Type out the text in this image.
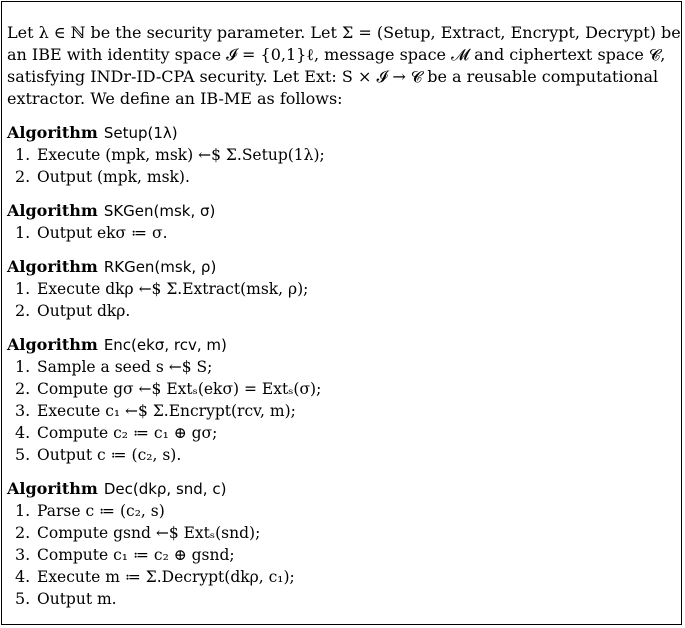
Let λ ∈ ℕ be the security parameter. Let Σ = (Setup, Extract, Encrypt, Decrypt) be
an IBE with identity space 𝓘 = {0,1}ℓ, message space 𝓜 and ciphertext space 𝓒,
satisfying INDr-ID-CPA security. Let Ext: S × 𝓘 → 𝓒 be a reusable computational
extractor. We define an IB-ME as follows:
Algorithm Setup(1λ)
1. Execute (mpk, msk) ←$ Σ.Setup(1λ);
2. Output (mpk, msk).
Algorithm SKGen(msk, σ)
1. Output ekσ ≔ σ.
Algorithm RKGen(msk, ρ)
1. Execute dkρ ←$ Σ.Extract(msk, ρ);
2. Output dkρ.
Algorithm Enc(ekσ, rcv, m)
1. Sample a seed s ←$ S;
2. Compute gσ ←$ Extₛ(ekσ) = Extₛ(σ);
3. Execute c₁ ←$ Σ.Encrypt(rcv, m);
4. Compute c₂ ≔ c₁ ⊕ gσ;
5. Output c ≔ (c₂, s).
Algorithm Dec(dkρ, snd, c)
1. Parse c ≔ (c₂, s)
2. Compute gsnd ←$ Extₛ(snd);
3. Compute c₁ ≔ c₂ ⊕ gsnd;
4. Execute m ≔ Σ.Decrypt(dkρ, c₁);
5. Output m.
